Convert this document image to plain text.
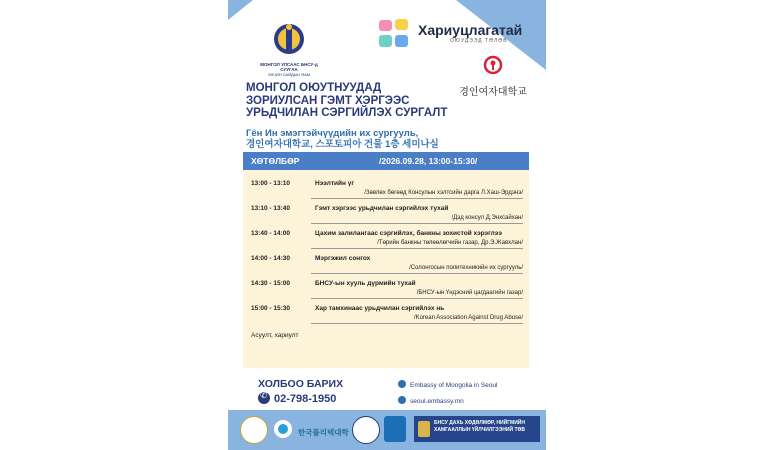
МОНГОЛ УЛСААС БНСУ-д СУУГАА
ЭЛЧИН САЙДЫН ЯАМ
Хариуцлагатай
ОЮУДЭЭД ТӨЛӨВ
경인여자대학교
МОНГОЛ ОЮУТНУУДАД
ЗОРИУЛСАН ГЭМТ ХЭРГЭЭС
УРЬДЧИЛАН СЭРГИЙЛЭХ СУРГАЛТ
Гён Ин эмэгтэйчүүдийн их сургууль,
경인여자대학교, 스포토피아 건물 1층 세미나실
ХӨТӨЛБӨР	/2026.09.28, 13:00-15:30/
13:00 - 13:10	Нээлтийн үг
/Зөвлөх бөгөөд Консулын хэлтсийн дарга Л.Хаш-Эрдэнэ/
13:10 - 13:40	Гэмт хэргээс урьдчилан сэргийлэх тухай
/Дэд консул Д.Энхсайхан/
13:40 - 14:00	Цахим залилангаас сэргийлэх, банкны зохистой хэрэглээ
/Төрийн банкны төлөөлөгчийн газар, Др.Э.Жавхлан/
14:00 - 14:30	Мэргэжил сонгох
/Солонгосын политехникийн их сургууль/
14:30 - 15:00	БНСУ-ын хууль дүрмийн тухай
/БНСУ-ын Үндэсний цагдаагийн газар/
15:00 - 15:30	Хар тамхинаас урьдчилан сэргийлэх нь
/Korean Association Against Drug Abuse/
Асуулт, хариулт
ХОЛБОО БАРИХ
✆02-798-1950
Embassy of Mongolia in Seoul
seoul.embassy.mn
한국폴리텍대학
БНСУ ДАХЬ ХӨДӨЛМӨР, НИЙГМИЙН ХАМГААЛЛЫН ҮЙЛЧИЛГЭЭНИЙ ТӨВ
